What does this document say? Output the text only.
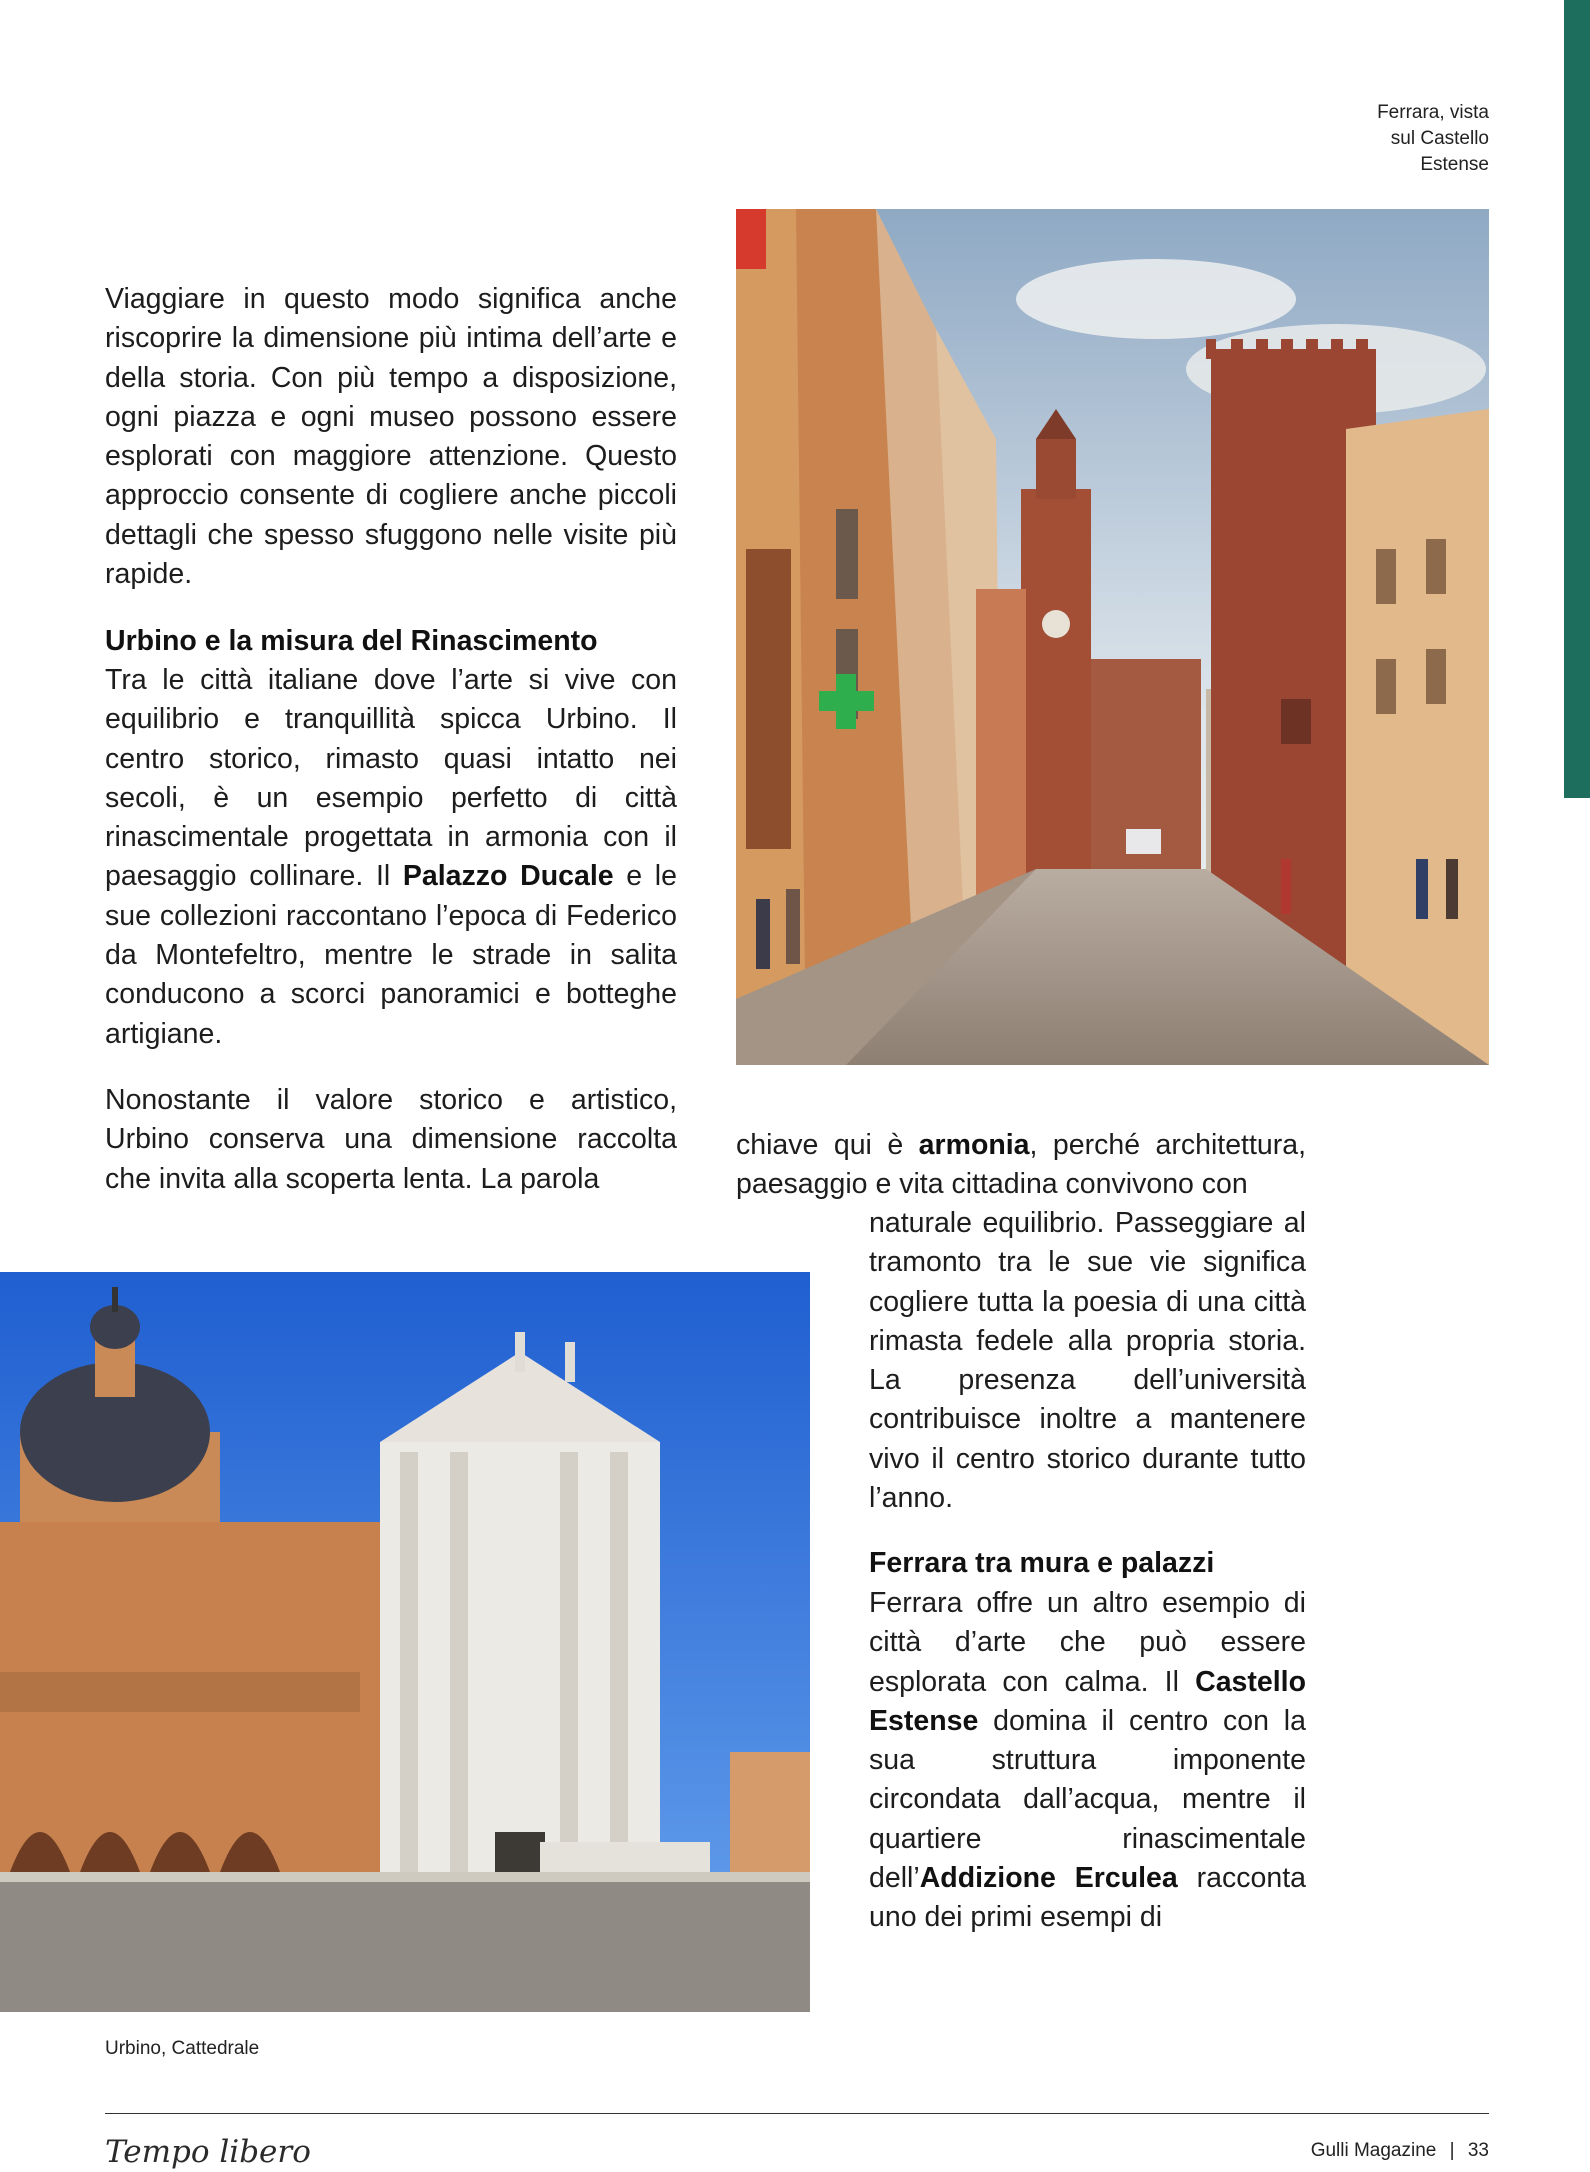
Ferrara, vista
sul Castello
Estense
Viaggiare in questo modo significa anche riscoprire la dimensione più intima dell’arte e della storia. Con più tempo a disposizione, ogni piazza e ogni museo possono essere esplorati con maggiore attenzione. Questo approccio consente di cogliere anche piccoli dettagli che spesso sfuggono nelle visite più rapide.
Urbino e la misura del Rinascimento
Tra le città italiane dove l’arte si vive con equilibrio e tranquillità spicca Urbino. Il centro storico, rimasto quasi intatto nei secoli, è un esempio perfetto di città rinascimentale progettata in armonia con il paesaggio collinare. Il Palazzo Ducale e le sue collezioni raccontano l’epoca di Federico da Montefeltro, mentre le strade in salita conducono a scorci panoramici e botteghe artigiane.
Nonostante il valore storico e artistico, Urbino conserva una dimensione raccolta che invita alla scoperta lenta. La parola
chiave qui è armonia, perché architettura, paesaggio e vita cittadina convivono con
naturale equilibrio. Passeggiare al tramonto tra le sue vie significa cogliere tutta la poesia di una città rimasta fedele alla propria storia. La presenza dell’università contribuisce inoltre a mantenere vivo il centro storico durante tutto l’anno.
Ferrara tra mura e palazzi
Ferrara offre un altro esempio di città d’arte che può essere esplorata con calma. Il Castello Estense domina il centro con la sua struttura imponente circondata dall’acqua, mentre il quartiere rinascimentale dell’Addizione Erculea racconta uno dei primi esempi di
Urbino, Cattedrale
Tempo libero	Gulli Magazine | 33
